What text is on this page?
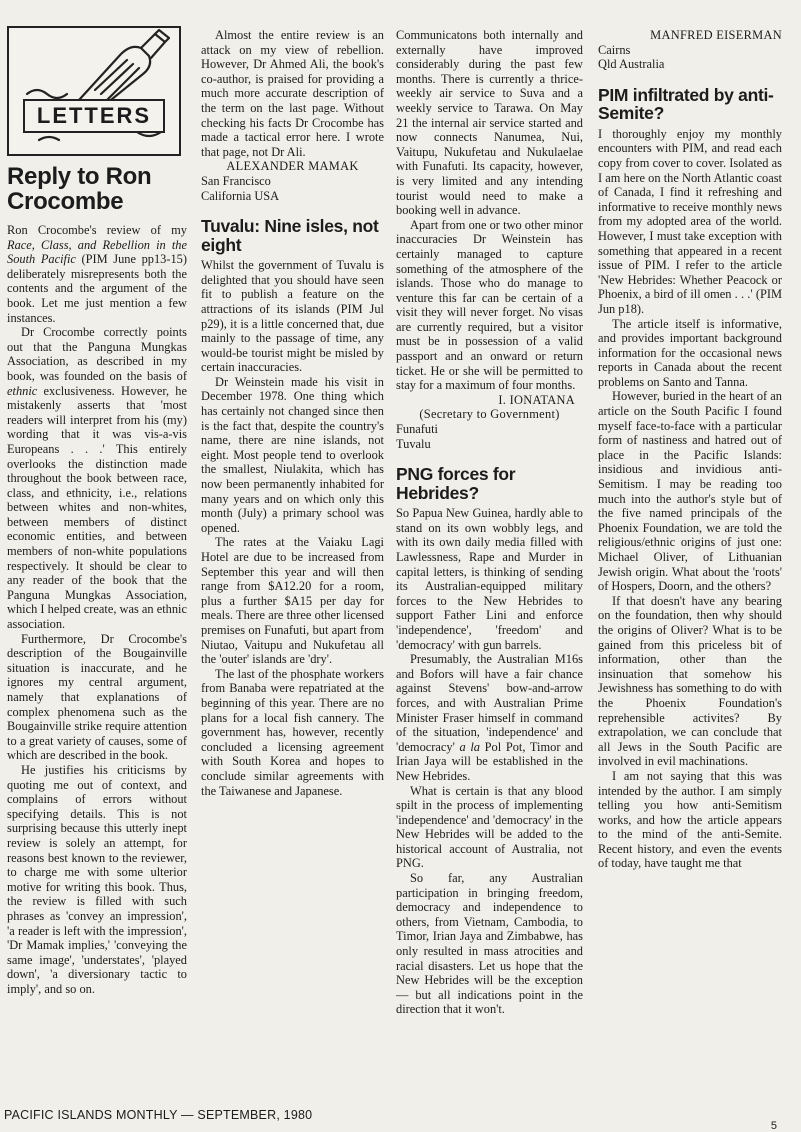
LETTERS
Reply to Ron Crocombe

Ron Crocombe's review of my Race, Class, and Rebellion in the South Pacific (PIM June pp13-15) deliberately misrepresents both the contents and the argument of the book. Let me just mention a few instances.

Dr Crocombe correctly points out that the Panguna Mungkas Association, as described in my book, was founded on the basis of ethnic exclusiveness. However, he mistakenly asserts that 'most readers will interpret from his (my) wording that it was vis-a-vis Europeans . . .' This entirely overlooks the distinction made throughout the book between race, class, and ethnicity, i.e., relations between whites and non-whites, between members of distinct economic entities, and between members of non-white populations respectively. It should be clear to any reader of the book that the Panguna Mungkas Association, which I helped create, was an ethnic association.

Furthermore, Dr Crocombe's description of the Bougainville situation is inaccurate, and he ignores my central argument, namely that explanations of complex phenomena such as the Bougainville strike require attention to a great variety of causes, some of which are described in the book.

He justifies his criticisms by quoting me out of context, and complains of errors without specifying details. This is not surprising because this utterly inept review is solely an attempt, for reasons best known to the reviewer, to charge me with some ulterior motive for writing this book. Thus, the review is filled with such phrases as 'convey an impression', 'a reader is left with the impression', 'Dr Mamak implies,' 'conveying the same image', 'understates', 'played down', 'a diversionary tactic to imply', and so on.

Almost the entire review is an attack on my view of rebellion. However, Dr Ahmed Ali, the book's co-author, is praised for providing a much more accurate description of the term on the last page. Without checking his facts Dr Crocombe has made a tactical error here. I wrote that page, not Dr Ali.

ALEXANDER MAMAK

San Francisco

California USA

Tuvalu: Nine isles, not eight

Whilst the government of Tuvalu is delighted that you should have seen fit to publish a feature on the attractions of its islands (PIM Jul p29), it is a little concerned that, due mainly to the passage of time, any would-be tourist might be misled by certain inaccuracies.

Dr Weinstein made his visit in December 1978. One thing which has certainly not changed since then is the fact that, despite the country's name, there are nine islands, not eight. Most people tend to overlook the smallest, Niulakita, which has now been permanently inhabited for many years and on which only this month (July) a primary school was opened.

The rates at the Vaiaku Lagi Hotel are due to be increased from September this year and will then range from $A12.20 for a room, plus a further $A15 per day for meals. There are three other licensed premises on Funafuti, but apart from Niutao, Vaitupu and Nukufetau all the 'outer' islands are 'dry'.

The last of the phosphate workers from Banaba were repatriated at the beginning of this year. There are no plans for a local fish cannery. The government has, however, recently concluded a licensing agreement with South Korea and hopes to conclude similar agreements with the Taiwanese and Japanese.

Communicatons both internally and externally have improved considerably during the past few months. There is currently a thrice-weekly air service to Suva and a weekly service to Tarawa. On May 21 the internal air service started and now connects Nanumea, Nui, Vaitupu, Nukufetau and Nukulaelae with Funafuti. Its capacity, however, is very limited and any intending tourist would need to make a booking well in advance.

Apart from one or two other minor inaccuracies Dr Weinstein has certainly managed to capture something of the atmosphere of the islands. Those who do manage to venture this far can be certain of a visit they will never forget. No visas are currently required, but a visitor must be in possession of a valid passport and an onward or return ticket. He or she will be permitted to stay for a maximum of four months.

I. IONATANA

(Secretary to Government)

Funafuti

Tuvalu

PNG forces for Hebrides?

So Papua New Guinea, hardly able to stand on its own wobbly legs, and with its own daily media filled with Lawlessness, Rape and Murder in capital letters, is thinking of sending its Australian-equipped military forces to the New Hebrides to support Father Lini and enforce 'independence', 'freedom' and 'democracy' with gun barrels.

Presumably, the Australian M16s and Bofors will have a fair chance against Stevens' bow-and-arrow forces, and with Australian Prime Minister Fraser himself in command of the situation, 'independence' and 'democracy' a la Pol Pot, Timor and Irian Jaya will be established in the New Hebrides.

What is certain is that any blood spilt in the process of implementing 'independence' and 'democracy' in the New Hebrides will be added to the historical account of Australia, not PNG.

So far, any Australian participation in bringing freedom, democracy and independence to others, from Vietnam, Cambodia, to Timor, Irian Jaya and Zimbabwe, has only resulted in mass atrocities and racial disasters. Let us hope that the New Hebrides will be the exception — but all indications point in the direction that it won't.

MANFRED EISERMAN

Cairns

Qld Australia

PIM infiltrated by anti-Semite?

I thoroughly enjoy my monthly encounters with PIM, and read each copy from cover to cover. Isolated as I am here on the North Atlantic coast of Canada, I find it refreshing and informative to receive monthly news from my adopted area of the world. However, I must take exception with something that appeared in a recent issue of PIM. I refer to the article 'New Hebrides: Whether Peacock or Phoenix, a bird of ill omen . . .' (PIM Jun p18).

The article itself is informative, and provides important background information for the occasional news reports in Canada about the recent problems on Santo and Tanna.

However, buried in the heart of an article on the South Pacific I found myself face-to-face with a particular form of nastiness and hatred out of place in the Pacific Islands: insidious and invidious anti-Semitism. I may be reading too much into the author's style but of the five named principals of the Phoenix Foundation, we are told the religious/ethnic origins of just one: Michael Oliver, of Lithuanian Jewish origin. What about the 'roots' of Hospers, Doorn, and the others?

If that doesn't have any bearing on the foundation, then why should the origins of Oliver? What is to be gained from this priceless bit of information, other than the insinuation that somehow his Jewishness has something to do with the Phoenix Foundation's reprehensible activites? By extrapolation, we can conclude that all Jews in the South Pacific are involved in evil machinations.

I am not saying that this was intended by the author. I am simply telling you how anti-Semitism works, and how the article appears to the mind of the anti-Semite. Recent history, and even the events of today, have taught me that

PACIFIC ISLANDS MONTHLY — SEPTEMBER, 1980
5
